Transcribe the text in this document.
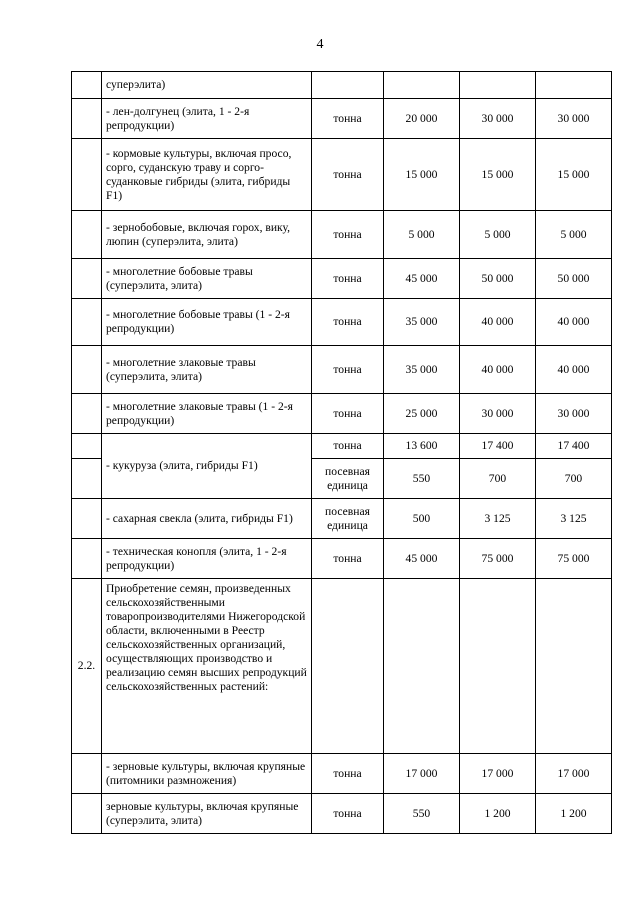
4
	суперэлита)				
	- лен-долгунец (элита, 1 - 2-я репродукции)	тонна	20 000	30 000	30 000
	- кормовые культуры, включая просо, сорго, суданскую траву и сорго-суданковые гибриды (элита, гибриды F1)	тонна	15 000	15 000	15 000
	- зернобобовые, включая горох, вику, люпин (суперэлита, элита)	тонна	5 000	5 000	5 000
	- многолетние бобовые травы (суперэлита, элита)	тонна	45 000	50 000	50 000
	- многолетние бобовые травы (1 - 2-я репродукции)	тонна	35 000	40 000	40 000
	- многолетние злаковые травы (суперэлита, элита)	тонна	35 000	40 000	40 000
	- многолетние злаковые травы (1 - 2-я репродукции)	тонна	25 000	30 000	30 000
	- кукуруза (элита, гибриды F1)	тонна	13 600	17 400	17 400
		посевная единица	550	700	700
	- сахарная свекла (элита, гибриды F1)	посевная единица	500	3 125	3 125
	- техническая конопля (элита, 1 - 2-я репродукции)	тонна	45 000	75 000	75 000
2.2.	Приобретение семян, произведенных сельскохозяйственными товаропроизводителями Нижегородской области, включенными в Реестр сельскохозяйственных организаций, осуществляющих производство и реализацию семян высших репродукций сельскохозяйственных растений:				
	- зерновые культуры, включая крупяные (питомники размножения)	тонна	17 000	17 000	17 000
	зерновые культуры, включая крупяные (суперэлита, элита)	тонна	550	1 200	1 200
